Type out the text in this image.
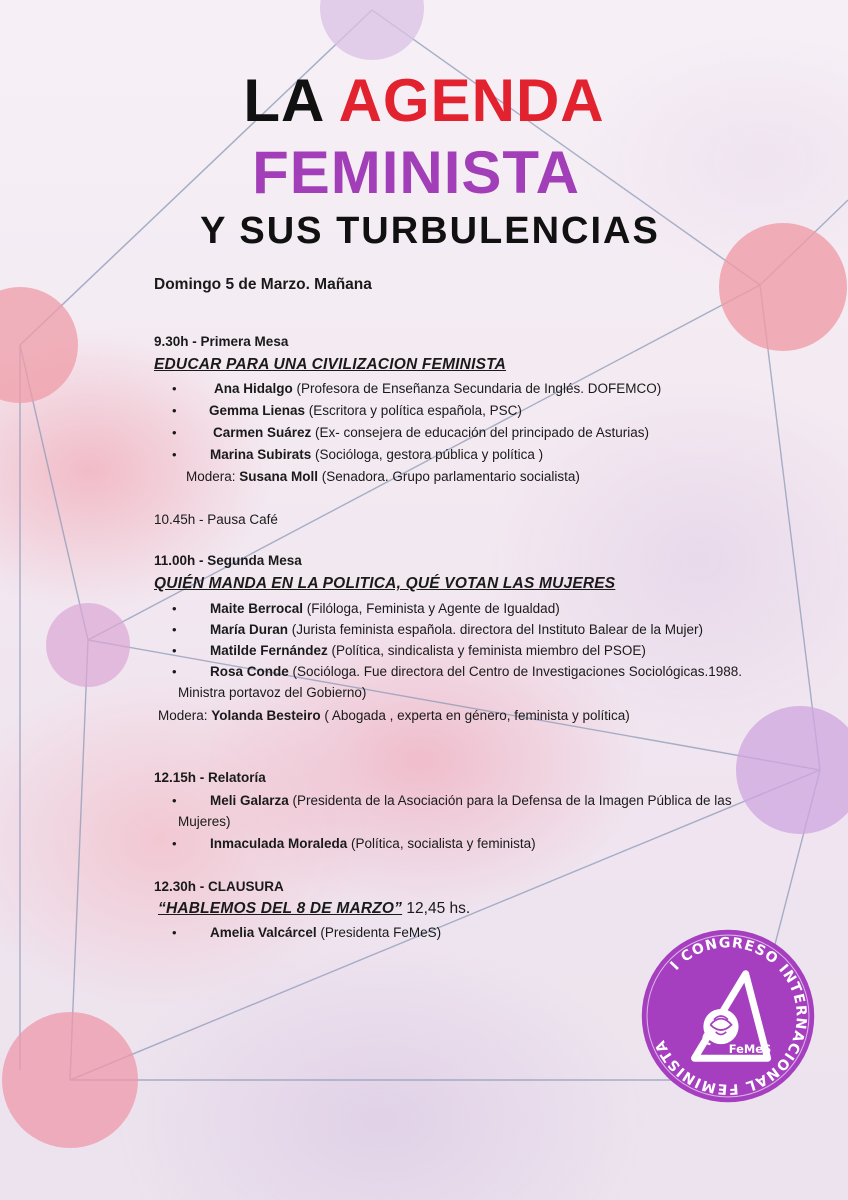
LA AGENDA
FEMINISTA
Y SUS TURBULENCIAS
Domingo 5 de Marzo. Mañana
9.30h - Primera Mesa
EDUCAR PARA UNA CIVILIZACION FEMINISTA
•	Ana Hidalgo (Profesora de Enseñanza Secundaria de Inglés. DOFEMCO)
• Gemma Lienas (Escritora y política española, PSC)
•	Carmen Suárez (Ex- consejera de educación del principado de Asturias)
• Marina Subirats (Socióloga, gestora pública y política )
Modera: Susana Moll (Senadora. Grupo parlamentario socialista)
10.45h - Pausa Café
11.00h - Segunda Mesa
QUIÉN MANDA EN LA POLITICA, QUÉ VOTAN LAS MUJERES
• Maite Berrocal (Filóloga, Feminista y Agente de Igualdad)
• María Duran (Jurista feminista española. directora del Instituto Balear de la Mujer)
• Matilde Fernández (Política, sindicalista y feminista miembro del PSOE)
• Rosa Conde (Socióloga. Fue directora del Centro de Investigaciones Sociológicas.1988.
Ministra portavoz del Gobierno)
Modera: Yolanda Besteiro ( Abogada , experta en género, feminista y política)
12.15h - Relatoría
• Meli Galarza (Presidenta de la Asociación para la Defensa de la Imagen Pública de las
Mujeres)
• Inmaculada Moraleda (Política, socialista y feminista)
12.30h - CLAUSURA
“HABLEMOS DEL 8 DE MARZO” 12,45 hs.
• Amelia Valcárcel (Presidenta FeMeS)
I CONGRESO INTERNACIONAL FEMINISTA	FeMeS
